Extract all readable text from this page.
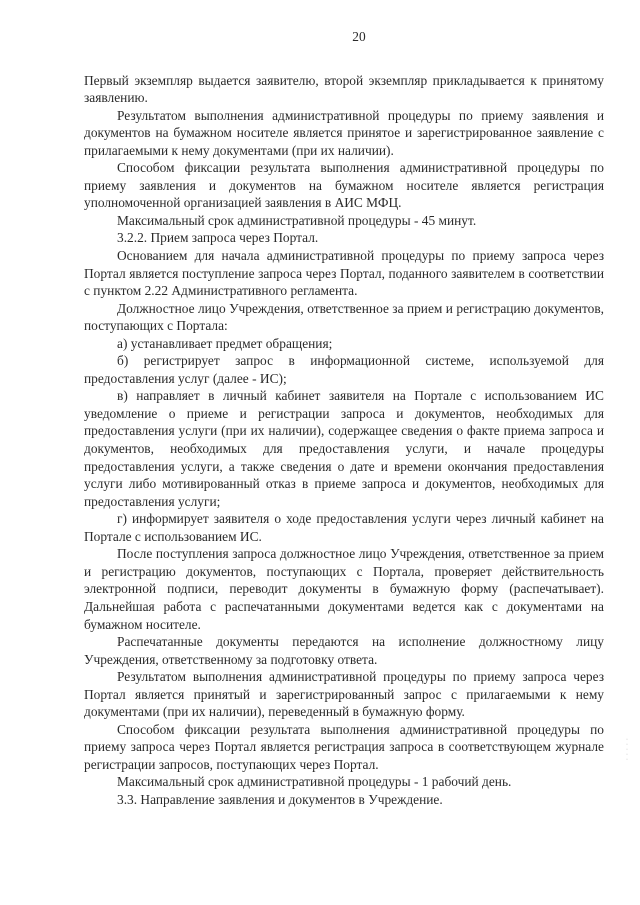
20

Первый экземпляр выдается заявителю, второй экземпляр прикладывается к принятому заявлению.

Результатом выполнения административной процедуры по приему заявления и документов на бумажном носителе является принятое и зарегистрированное заявление с прилагаемыми к нему документами (при их наличии).

Способом фиксации результата выполнения административной процедуры по приему заявления и документов на бумажном носителе является регистрация уполномоченной организацией заявления в АИС МФЦ.

Максимальный срок административной процедуры - 45 минут.

3.2.2. Прием запроса через Портал.

Основанием для начала административной процедуры по приему запроса через Портал является поступление запроса через Портал, поданного заявителем в соответствии с пунктом 2.22 Административного регламента.

Должностное лицо Учреждения, ответственное за прием и регистрацию документов, поступающих с Портала:

а) устанавливает предмет обращения;

б) регистрирует запрос в информационной системе, используемой для предоставления услуг (далее - ИС);

в) направляет в личный кабинет заявителя на Портале с использованием ИС уведомление о приеме и регистрации запроса и документов, необходимых для предоставления услуги (при их наличии), содержащее сведения о факте приема запроса и документов, необходимых для предоставления услуги, и начале процедуры предоставления услуги, а также сведения о дате и времени окончания предоставления услуги либо мотивированный отказ в приеме запроса и документов, необходимых для предоставления услуги;

г) информирует заявителя о ходе предоставления услуги через личный кабинет на Портале с использованием ИС.

После поступления запроса должностное лицо Учреждения, ответственное за прием и регистрацию документов, поступающих с Портала, проверяет действительность электронной подписи, переводит документы в бумажную форму (распечатывает). Дальнейшая работа с распечатанными документами ведется как с документами на бумажном носителе.

Распечатанные документы передаются на исполнение должностному лицу Учреждения, ответственному за подготовку ответа.

Результатом выполнения административной процедуры по приему запроса через Портал является принятый и зарегистрированный запрос с прилагаемыми к нему документами (при их наличии), переведенный в бумажную форму.

Способом фиксации результата выполнения административной процедуры по приему запроса через Портал является регистрация запроса в соответствующем журнале регистрации запросов, поступающих через Портал.

Максимальный срок административной процедуры - 1 рабочий день.

3.3. Направление заявления и документов в Учреждение.

·
·
·
·
·
